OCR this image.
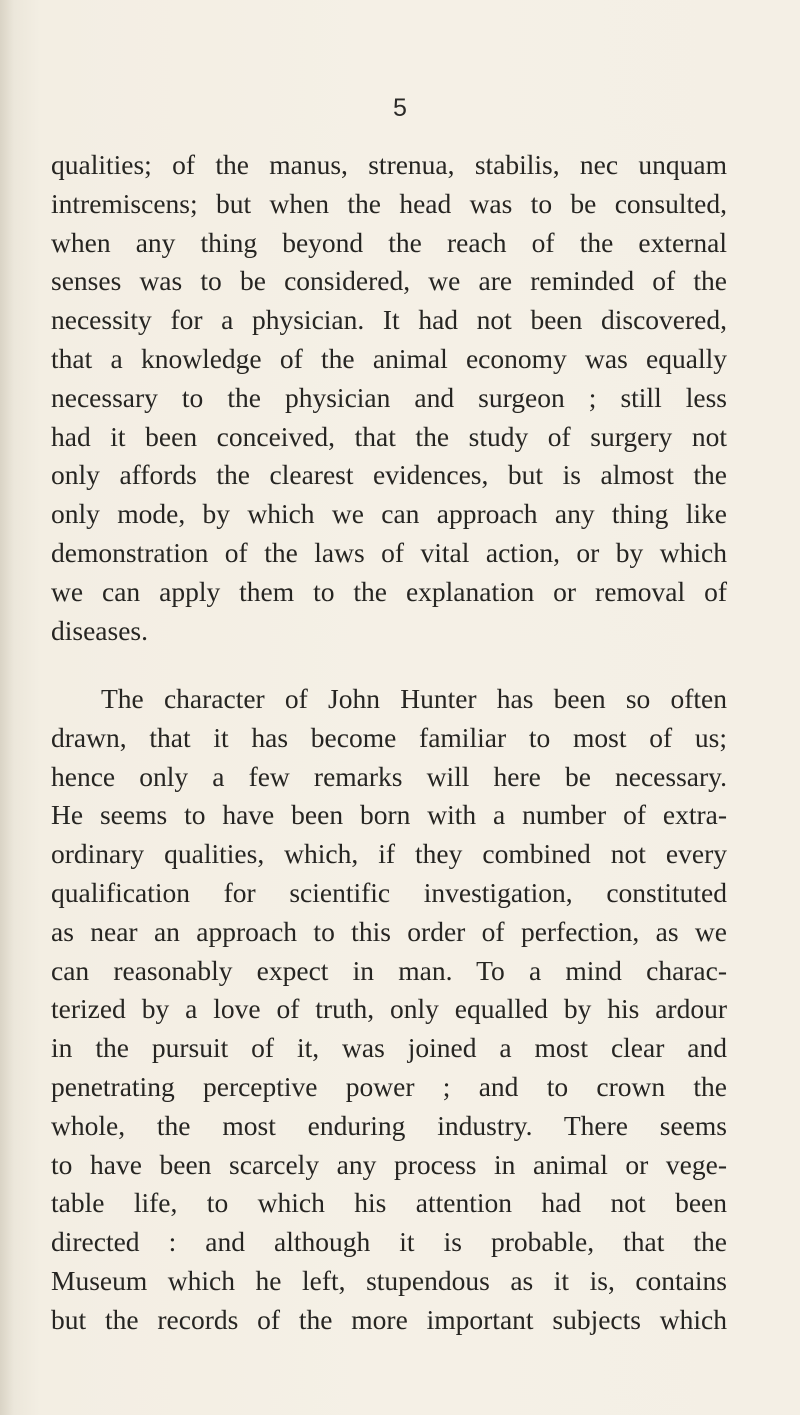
5
qualities; of the manus, strenua, stabilis, nec unquam
intremiscens; but when the head was to be consulted,
when any thing beyond the reach of the external
senses was to be considered, we are reminded of the
necessity for a physician. It had not been discovered,
that a knowledge of the animal economy was equally
necessary to the physician and surgeon ; still less
had it been conceived, that the study of surgery not
only affords the clearest evidences, but is almost the
only mode, by which we can approach any thing like
demonstration of the laws of vital action, or by which
we can apply them to the explanation or removal of
diseases.
The character of John Hunter has been so often
drawn, that it has become familiar to most of us;
hence only a few remarks will here be necessary.
He seems to have been born with a number of extra-
ordinary qualities, which, if they combined not every
qualification for scientific investigation, constituted
as near an approach to this order of perfection, as we
can reasonably expect in man. To a mind charac-
terized by a love of truth, only equalled by his ardour
in the pursuit of it, was joined a most clear and
penetrating perceptive power ; and to crown the
whole, the most enduring industry. There seems
to have been scarcely any process in animal or vege-
table life, to which his attention had not been
directed : and although it is probable, that the
Museum which he left, stupendous as it is, contains
but the records of the more important subjects which
